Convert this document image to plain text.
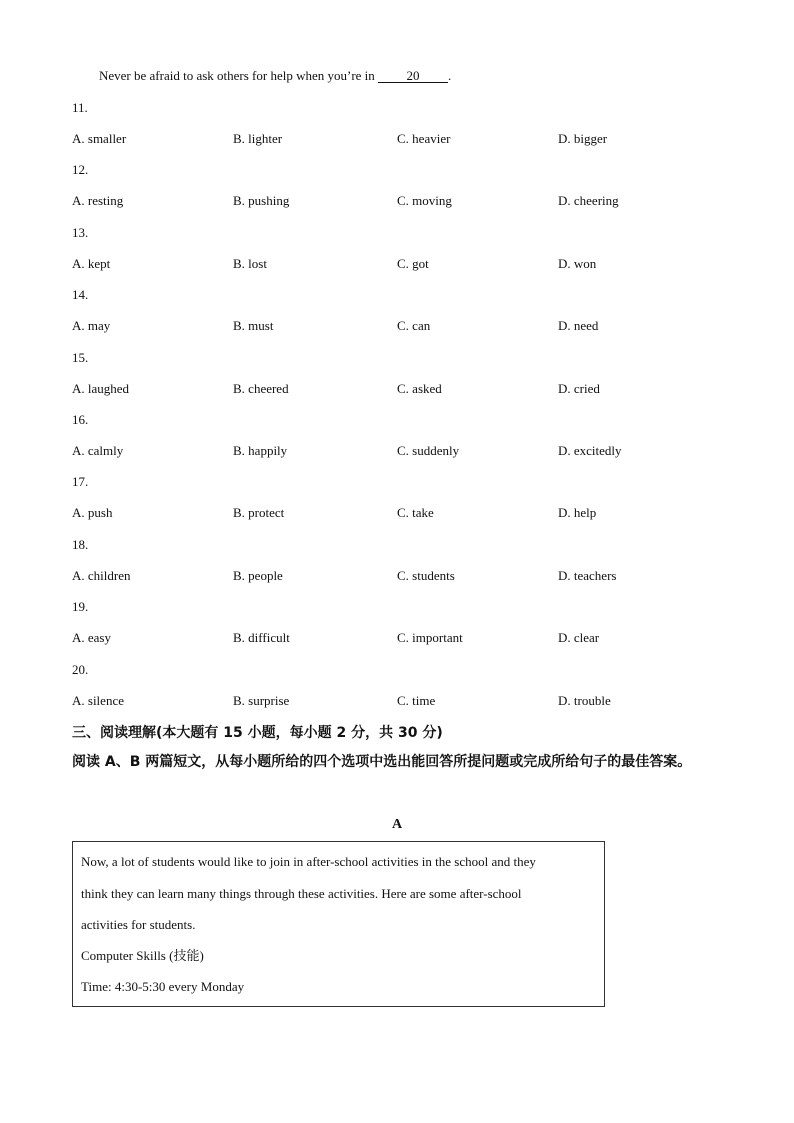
Never be afraid to ask others for help when you’re in 20 .
11.
A. smaller	B. lighter	C. heavier	D. bigger
12.
A. resting	B. pushing	C. moving	D. cheering
13.
A. kept	B. lost	C. got	D. won
14.
A. may	B. must	C. can	D. need
15.
A. laughed	B. cheered	C. asked	D. cried
16.
A. calmly	B. happily	C. suddenly	D. excitedly
17.
A. push	B. protect	C. take	D. help
18.
A. children	B. people	C. students	D. teachers
19.
A. easy	B. difficult	C. important	D. clear
20.
A. silence	B. surprise	C. time	D. trouble
三、阅读理解(本大题有 15 小题，每小题 2 分，共 30 分)
阅读 A、B 两篇短文，从每小题所给的四个选项中选出能回答所提问题或完成所给句子的最佳答案。
A
Now, a lot of students would like to join in after-school activities in the school and they
think they can learn many things through these activities. Here are some after-school
activities for students.
Computer Skills (技能)
Time: 4:30-5:30 every Monday
